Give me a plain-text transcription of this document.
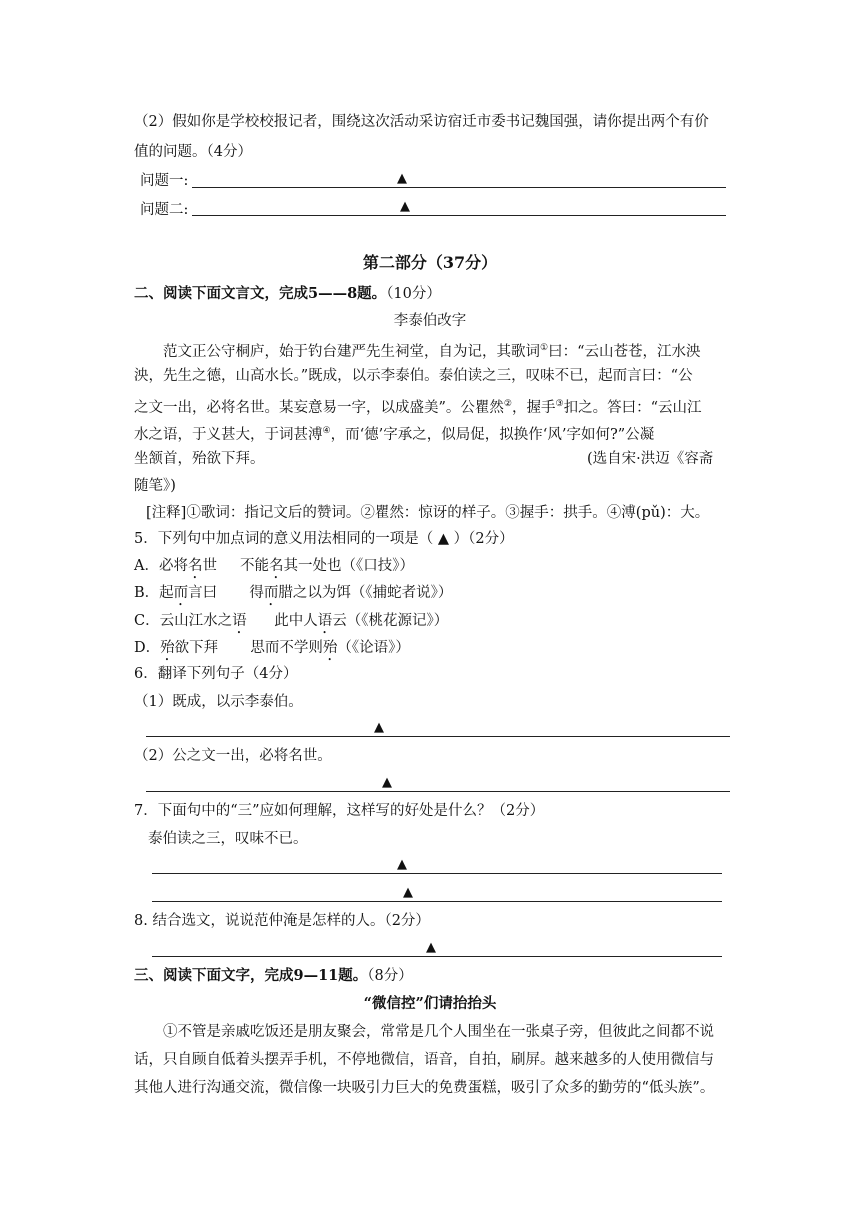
（2）假如你是学校校报记者，围绕这次活动采访宿迁市委书记魏国强，请你提出两个有价
值的问题。（4分）
问题一:	▲
问题二:	▲
第二部分（37分）
二、阅读下面文言文，完成5——8题。（10分）
李泰伯改字
范文正公守桐庐，始于钓台建严先生祠堂，自为记，其歌词①曰：“云山苍苍，江水泱
泱，先生之德，山高水长。”既成，以示李泰伯。泰伯读之三，叹味不已，起而言曰：“公
之文一出，必将名世。某妄意易一字，以成盛美”。公瞿然②，握手③扣之。答曰：“云山江
水之语，于义甚大，于词甚溥④，而‘德’字承之，似局促，拟换作‘风’字如何?”公凝
坐颔首，殆欲下拜。	(选自宋·洪迈《容斋
随笔》)
[注释]①歌词：指记文后的赞词。②瞿然：惊讶的样子。③握手：拱手。④溥(pǔ)：大。
5．下列句中加点词的意义用法相同的一项是（ ▲ ）（2分）
A．必将名世     不能名其一处也（《口技》）
B．起而言曰       得而腊之以为饵（《捕蛇者说》）
C．云山江水之语      此中人语云（《桃花源记》）
D．殆欲下拜       思而不学则殆（《论语》）
6．翻译下列句子（4分）
（1）既成，以示李泰伯。
▲
（2）公之文一出，必将名世。
▲
7．下面句中的“三”应如何理解，这样写的好处是什么？（2分）
泰伯读之三，叹味不已。
▲
▲
8. 结合选文，说说范仲淹是怎样的人。（2分）
▲
三、阅读下面文字，完成9—11题。（8分）
“微信控”们请抬抬头
①不管是亲戚吃饭还是朋友聚会，常常是几个人围坐在一张桌子旁，但彼此之间都不说
话，只自顾自低着头摆弄手机，不停地微信，语音，自拍，刷屏。越来越多的人使用微信与
其他人进行沟通交流，微信像一块吸引力巨大的免费蛋糕，吸引了众多的勤劳的“低头族”。
